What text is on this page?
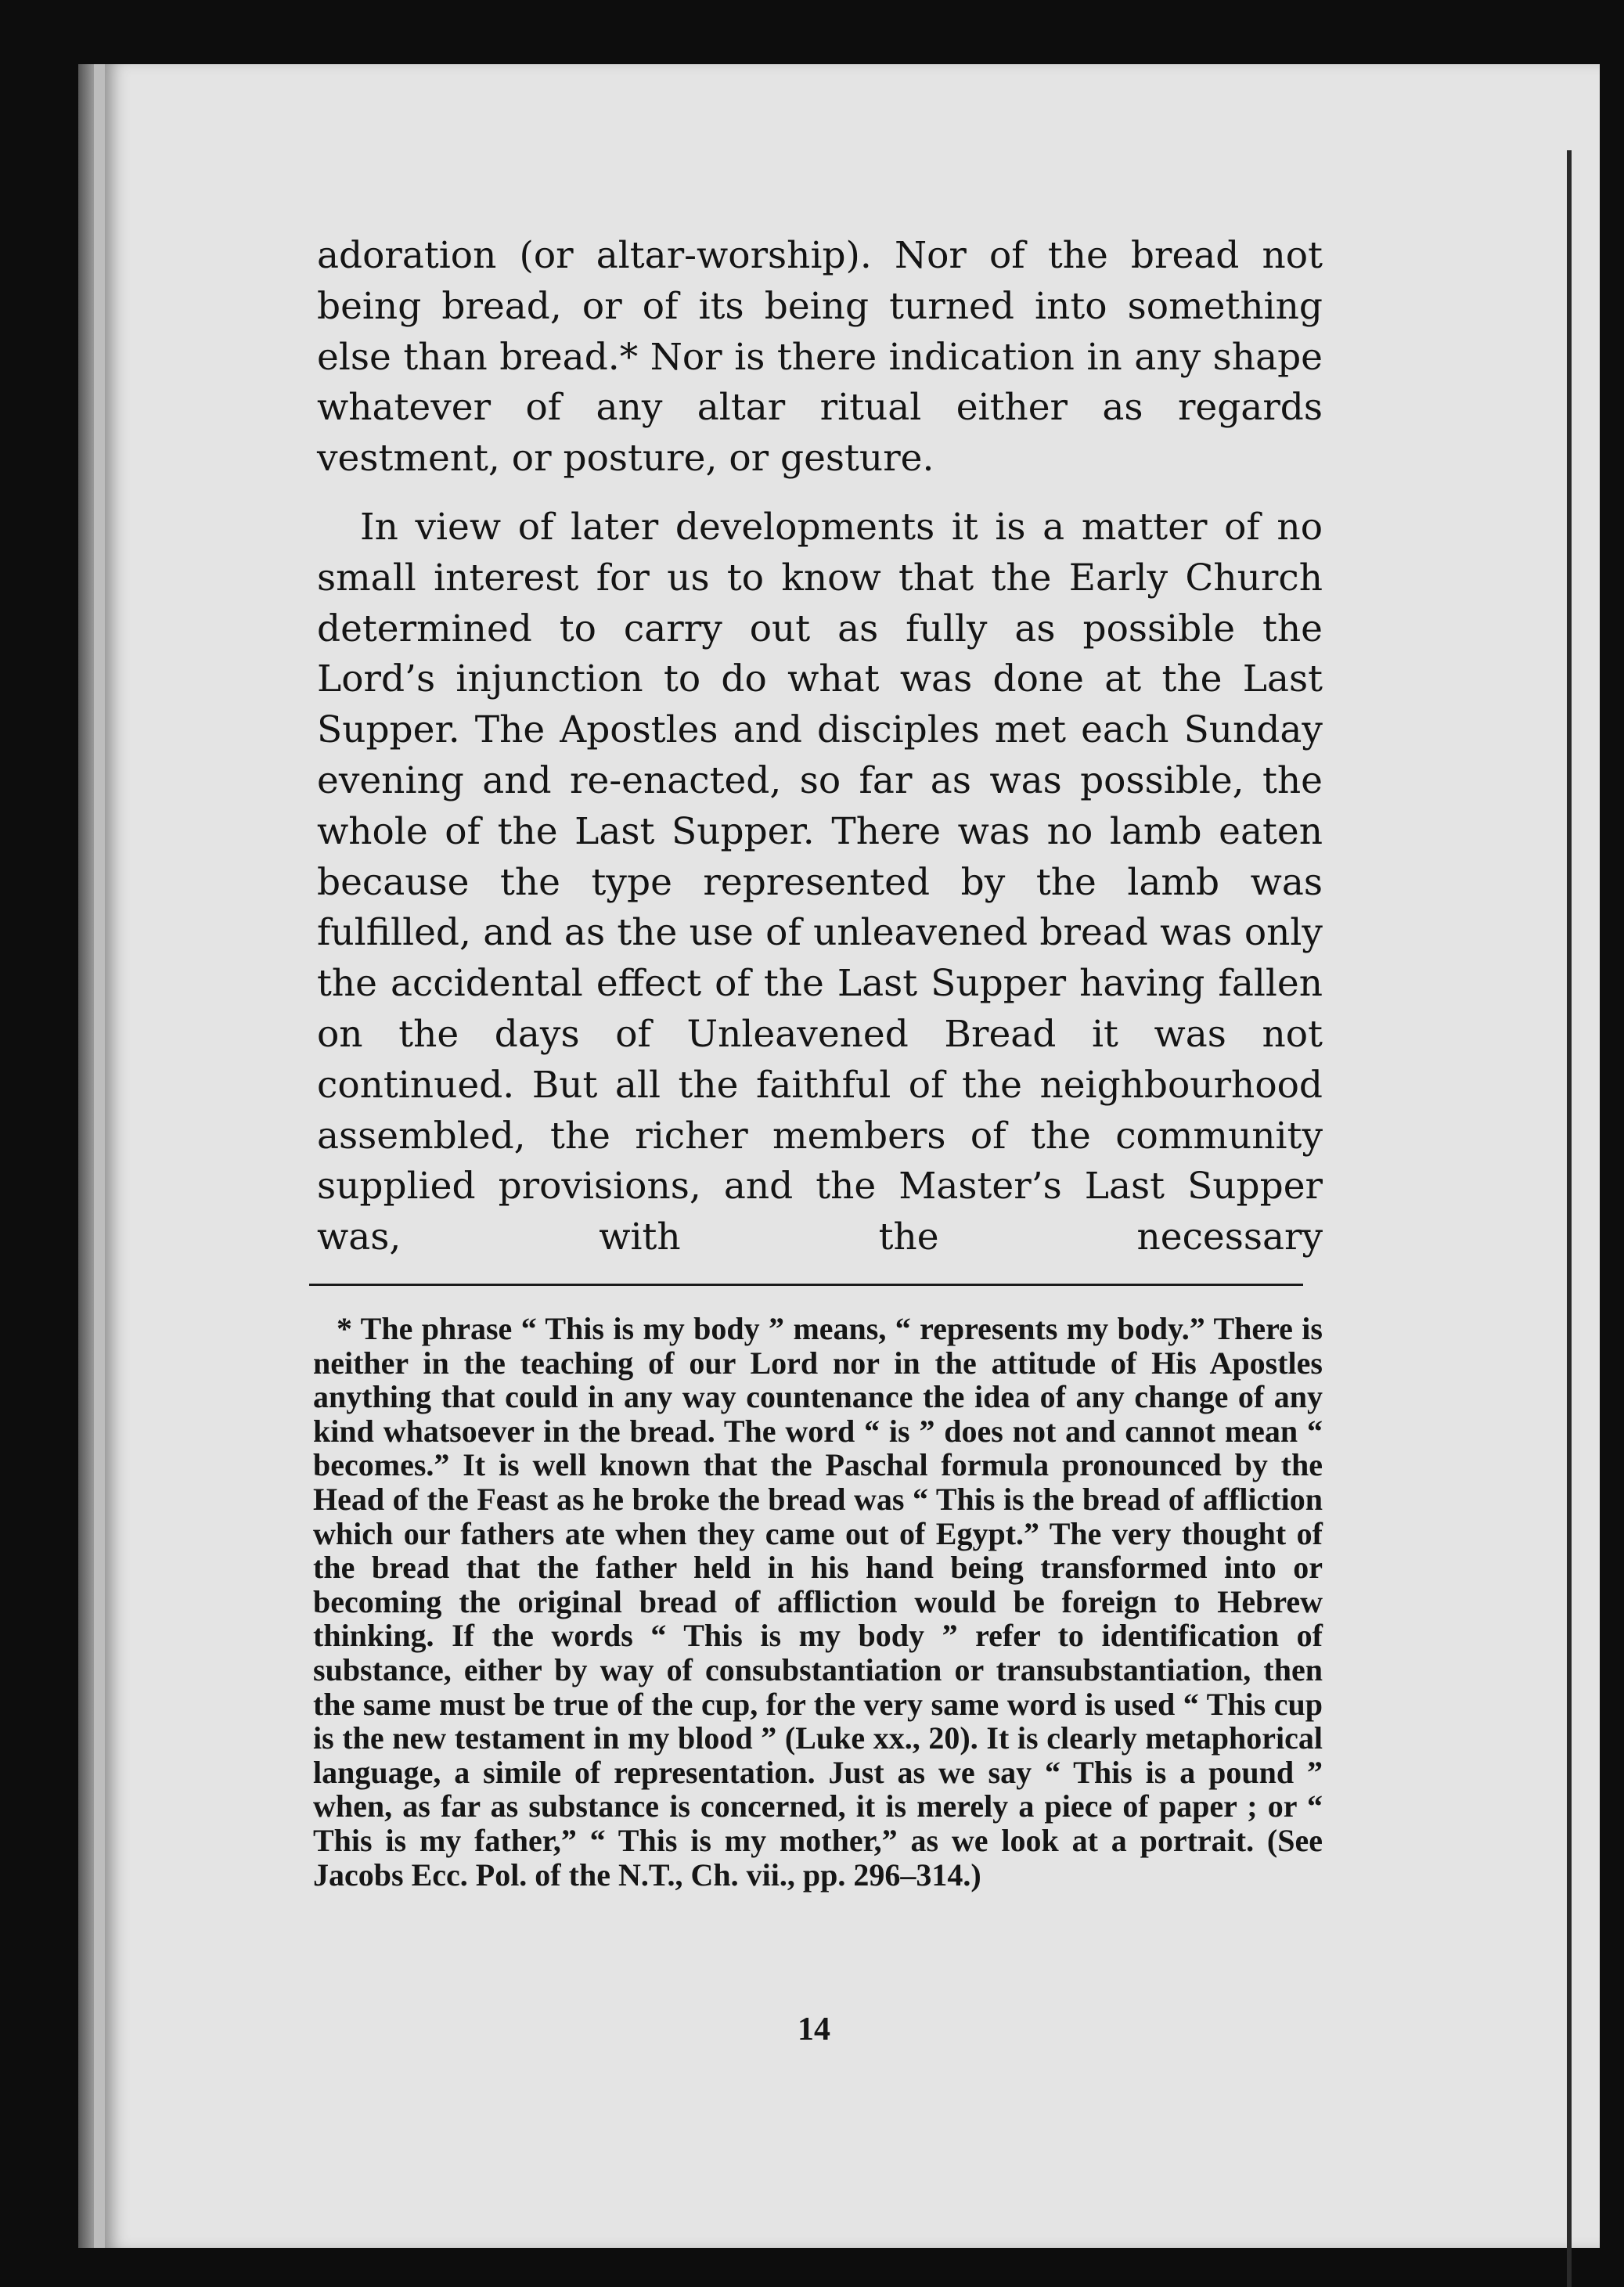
adoration (or altar-worship). Nor of the bread not being bread, or of its being turned into something else than bread.* Nor is there indication in any shape whatever of any altar ritual either as regards vestment, or posture, or gesture.

In view of later developments it is a matter of no small interest for us to know that the Early Church determined to carry out as fully as possible the Lord’s injunction to do what was done at the Last Supper. The Apostles and disciples met each Sunday evening and re-enacted, so far as was possible, the whole of the Last Supper. There was no lamb eaten because the type represented by the lamb was fulfilled, and as the use of unleavened bread was only the accidental effect of the Last Supper having fallen on the days of Unleavened Bread it was not continued. But all the faithful of the neighbourhood assembled, the richer members of the community supplied provisions, and the Master’s Last Supper was, with the necessary

* The phrase “ This is my body ” means, “ represents my body.” There is neither in the teaching of our Lord nor in the attitude of His Apostles anything that could in any way countenance the idea of any change of any kind whatsoever in the bread. The word “ is ” does not and cannot mean “ becomes.” It is well known that the Paschal formula pronounced by the Head of the Feast as he broke the bread was “ This is the bread of affliction which our fathers ate when they came out of Egypt.” The very thought of the bread that the father held in his hand being transformed into or becoming the original bread of affliction would be foreign to Hebrew thinking. If the words “ This is my body ” refer to identification of substance, either by way of consubstantiation or transubstantiation, then the same must be true of the cup, for the very same word is used “ This cup is the new testament in my blood ” (Luke xx., 20). It is clearly metaphorical language, a simile of representation. Just as we say “ This is a pound ” when, as far as substance is concerned, it is merely a piece of paper ; or “ This is my father,” “ This is my mother,” as we look at a portrait. (See Jacobs Ecc. Pol. of the N.T., Ch. vii., pp. 296–314.)

14
